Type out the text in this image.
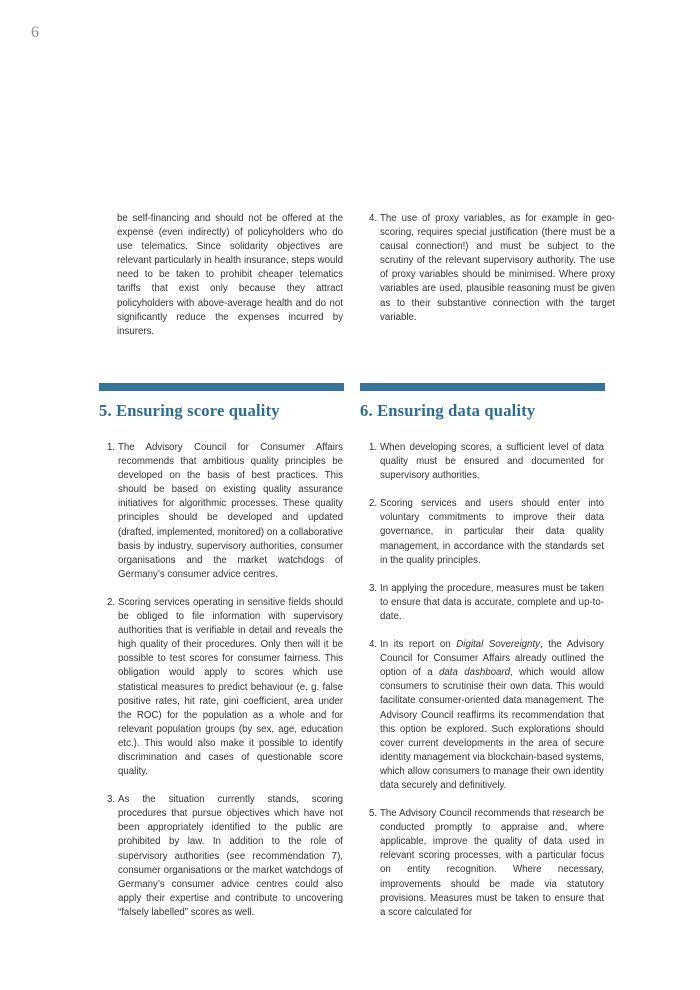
6

be self-financing and should not be offered at the expense (even indirectly) of policyholders who do use telematics. Since solidarity objectives are relevant particularly in health insurance, steps would need to be taken to prohibit cheaper telematics tariffs that exist only because they attract policyholders with above-average health and do not significantly reduce the expenses incurred by insurers.

4. The use of proxy variables, as for example in geo-scoring, requires special justification (there must be a causal connection!) and must be subject to the scrutiny of the relevant supervisory authority. The use of proxy variables should be minimised. Where proxy variables are used, plausible reasoning must be given as to their substantive connection with the target variable.
5. Ensuring score quality	6. Ensuring data quality
1. The Advisory Council for Consumer Affairs recommends that ambitious quality principles be developed on the basis of best practices. This should be based on existing quality assurance initiatives for algorithmic processes. These quality principles should be developed and updated (drafted, implemented, monitored) on a collaborative basis by industry, supervisory authorities, consumer organisations and the market watchdogs of Germany’s consumer advice centres.
2. Scoring services operating in sensitive fields should be obliged to file information with supervisory authorities that is verifiable in detail and reveals the high quality of their procedures. Only then will it be possible to test scores for consumer fairness. This obligation would apply to scores which use statistical measures to predict behaviour (e. g. false positive rates, hit rate, gini coefficient, area under the ROC) for the population as a whole and for relevant population groups (by sex, age, education etc.). This would also make it possible to identify discrimination and cases of questionable score quality.
3. As the situation currently stands, scoring procedures that pursue objectives which have not been appropriately identified to the public are prohibited by law. In addition to the role of supervisory authorities (see recommendation 7), consumer organisations or the market watchdogs of Germany’s consumer advice centres could also apply their expertise and contribute to uncovering “falsely labelled” scores as well.
1. When developing scores, a sufficient level of data quality must be ensured and documented for supervisory authorities.
2. Scoring services and users should enter into voluntary commitments to improve their data governance, in particular their data quality management, in accordance with the standards set in the quality principles.
3. In applying the procedure, measures must be taken to ensure that data is accurate, complete and up-to-date.
4. In its report on Digital Sovereignty, the Advisory Council for Consumer Affairs already outlined the option of a data dashboard, which would allow consumers to scrutinise their own data. This would facilitate consumer-oriented data management. The Advisory Council reaffirms its recommendation that this option be explored. Such explorations should cover current developments in the area of secure identity management via blockchain-based systems, which allow consumers to manage their own identity data securely and definitively.
5. The Advisory Council recommends that research be conducted promptly to appraise and, where applicable, improve the quality of data used in relevant scoring processes, with a particular focus on entity recognition. Where necessary, improvements should be made via statutory provisions. Measures must be taken to ensure that a score calculated for
